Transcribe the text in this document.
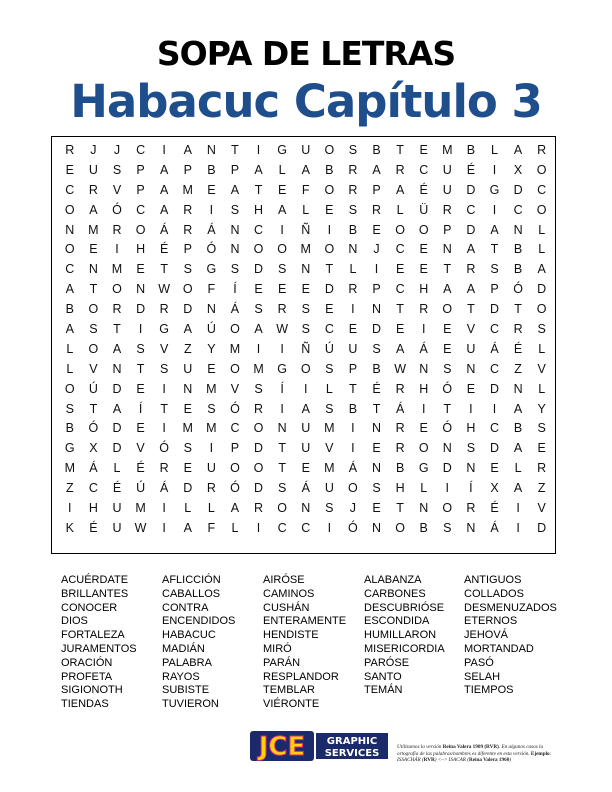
SOPA DE LETRAS
Habacuc Capítulo 3
R	J	J	C	I	A	N	T	I	G	U	O	S	B	T	E	M	B	L	A	R
E	U	S	P	A	P	B	P	A	L	A	B	R	A	R	C	U	É	I	X	O
C	R	V	P	A	M	E	A	T	E	F	O	R	P	A	É	U	D	G	D	C
O	A	Ó	C	A	R	I	S	H	A	L	E	S	R	L	Ü	R	C	I	C	O
N	M	R	O	Á	R	Á	N	C	I	Ñ	I	B	E	O	O	P	D	A	N	L
O	E	I	H	É	P	Ó	N	O	O	M	O	N	J	C	E	N	A	T	B	L
C	N	M	E	T	S	G	S	D	S	N	T	L	I	E	E	T	R	S	B	A
A	T	O	N	W	O	F	Í	E	E	E	D	R	P	C	H	A	A	P	Ó	D
B	O	R	D	R	D	N	Á	S	R	S	E	I	N	T	R	O	T	D	T	O
A	S	T	I	G	A	Ú	O	A	W	S	C	E	D	E	I	E	V	C	R	S
L	O	A	S	V	Z	Y	M	I	I	Ñ	Ú	U	S	A	Á	E	U	Á	É	L
L	V	N	T	S	U	E	O	M	G	O	S	P	B	W	N	S	N	C	Z	V
O	Ú	D	E	I	N	M	V	S	Í	I	L	T	É	R	H	Ó	E	D	N	L
S	T	A	Í	T	E	S	Ó	R	I	A	S	B	T	Á	I	T	I	I	A	Y
B	Ó	D	E	I	M	M	C	O	N	U	M	I	N	R	E	Ó	H	C	B	S
G	X	D	V	Ó	S	I	P	D	T	U	V	I	E	R	O	N	S	D	A	E
M	Á	L	É	R	E	U	O	O	T	E	M	Á	N	B	G	D	N	E	L	R
Z	C	É	Ú	Á	D	R	Ó	D	S	Á	U	O	S	H	L	I	Í	X	A	Z
I	H	U	M	I	L	L	A	R	O	N	S	J	E	T	N	O	R	É	I	V
K	É	U	W	I	A	F	L	I	C	C	I	Ó	N	O	B	S	N	Á	I	D
ACUÉRDATE
BRILLANTES
CONOCER
DIOS
FORTALEZA
JURAMENTOS
ORACIÓN
PROFETA
SIGIONOTH
TIENDAS
AFLICCIÓN
CABALLOS
CONTRA
ENCENDIDOS
HABACUC
MADIÁN
PALABRA
RAYOS
SUBISTE
TUVIERON
AIRÓSE
CAMINOS
CUSHÁN
ENTERAMENTE
HENDISTE
MIRÓ
PARÁN
RESPLANDOR
TEMBLAR
VIÉRONTE
ALABANZA
CARBONES
DESCUBRIÓSE
ESCONDIDA
HUMILLARON
MISERICORDIA
PARÓSE
SANTO
TEMÁN
ANTIGUOS
COLLADOS
DESMENUZADOS
ETERNOS
JEHOVÁ
MORTANDAD
PASÓ
SELAH
TIEMPOS
JCE GRAPHIC
SERVICES
Utilizamos la versión Reina Valera 1909 (RVR). En algunos casos la ortografía de las palabras/nombres es diferente en esta versión. Ejemplo: ISSACHÁR (RVR) <–> ISACAR (Reina Valera 1960)
